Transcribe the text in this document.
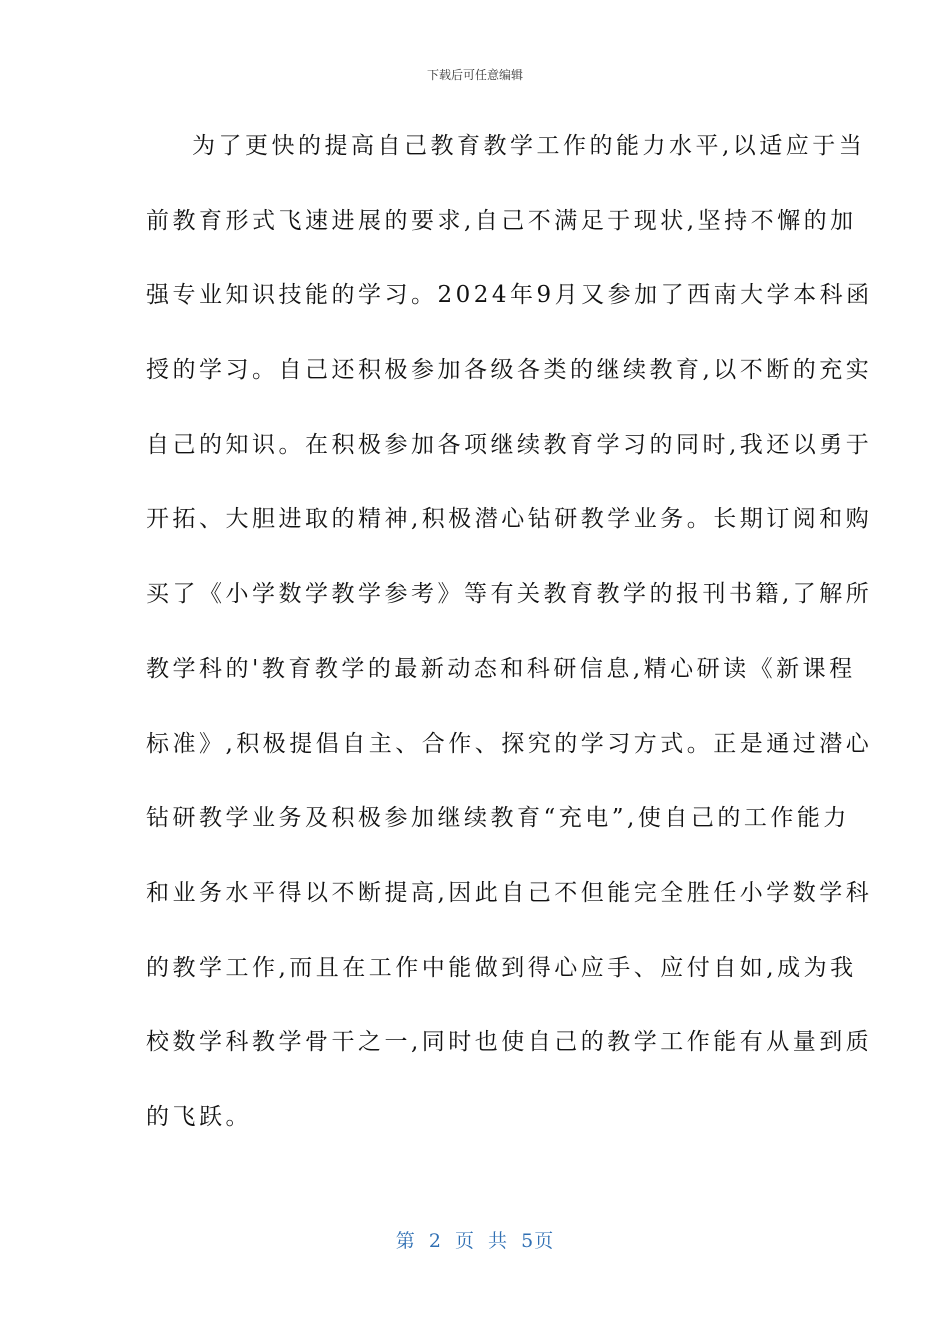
下载后可任意编辑
为了更快的提高自己教育教学工作的能力水平,以适应于当
前教育形式飞速进展的要求,自己不满足于现状,坚持不懈的加
强专业知识技能的学习。2024年9月又参加了西南大学本科函
授的学习。自己还积极参加各级各类的继续教育,以不断的充实
自己的知识。在积极参加各项继续教育学习的同时,我还以勇于
开拓、大胆进取的精神,积极潜心钻研教学业务。长期订阅和购
买了《小学数学教学参考》等有关教育教学的报刊书籍,了解所
教学科的'教育教学的最新动态和科研信息,精心研读《新课程
标准》,积极提倡自主、合作、探究的学习方式。正是通过潜心
钻研教学业务及积极参加继续教育“充电”,使自己的工作能力
和业务水平得以不断提高,因此自己不但能完全胜任小学数学科
的教学工作,而且在工作中能做到得心应手、应付自如,成为我
校数学科教学骨干之一,同时也使自己的教学工作能有从量到质
的飞跃。
第 2 页 共 5页
